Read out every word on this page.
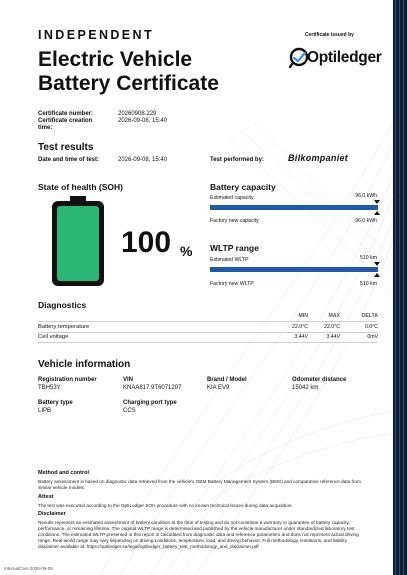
INDEPENDENT	Certificate issued by
Optiledger
Electric Vehicle
Battery Certificate
Certificate number:	20260908.229
Certificate creation
time:
2026-09-08, 15:40
Test results
Date and time of test:	2026-09-08, 15:40	Test performed by:	Bilkompaniet
State of health (SOH)
100 %
Battery capacity
Estimated capacity	96.0 kWh
Factory new capacity	96.0 kWh
WLTP range
Estimated WLTP	510 km
Factory new WLTP	510 km
Diagnostics
MIN	MAX	DELTA
Battery temperature	22.0°C	22.0°C	0.0°C
Cell voltage	3.44V	3.44V	0mV
Vehicle information
Registration number
TBH53Y
VIN
KNAA817 9T6071207
Brand / Model
KIA EV9
Odometer distance
15042 km
Battery type
LIPB
Charging port type
CCS
Method and control
Battery assessment is based on diagnostic data retrieved from the vehicle's OEM Battery Management System (BMS) and comparative reference data from similar vehicle models.
Attest
The test was executed according to the OptiLedger SOH procedure with no known technical issues during data acquisition.
Disclaimer
Results represent an estimated assessment of battery condition at the time of testing and do not constitute a warranty or guarantee of battery capacity, performance, or remaining lifetime. The original WLTP range is determined and published by the vehicle manufacturer under standardized laboratory test conditions. The estimated WLTP presented in this report is calculated from diagnostic data and reference parameters and does not represent actual driving range. Real-world range may vary depending on driving conditions, temperature, load, and driving behavior. Full methodology, limitations, and liability disclaimer available at: https://optiledger.se/legal/optiledger_battery_test_methodology_and_disclaimer.pdf
InternalCars 2026-09-08
